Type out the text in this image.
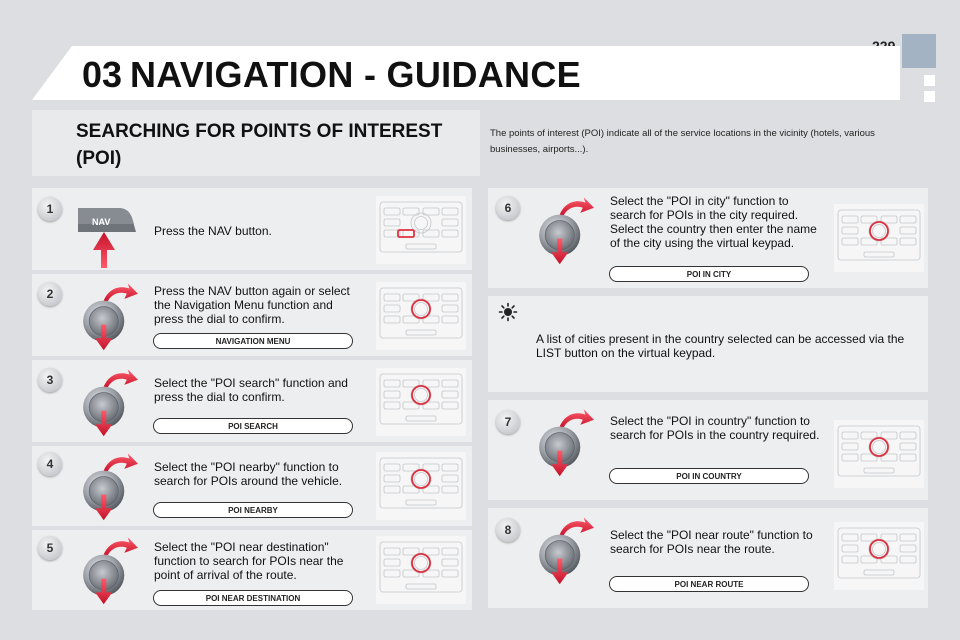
03 NAVIGATION - GUIDANCE
SEARCHING FOR POINTS OF INTEREST (POI)
The points of interest (POI) indicate all of the service locations in the vicinity (hotels, various businesses, airports...).
1
NAV
Press the NAV button.
2	Press the NAV button again or select the Navigation Menu function and press the dial to confirm.
NAVIGATION MENU
3	Select the "POI search" function and press the dial to confirm.
POI SEARCH
4	Select the "POI nearby" function to search for POIs around the vehicle.
POI NEARBY
5	Select the "POI near destination" function to search for POIs near the point of arrival of the route.
POI NEAR DESTINATION
6	Select the "POI in city" function to search for POIs in the city required. Select the country then enter the name of the city using the virtual keypad.
POI IN CITY
A list of cities present in the country selected can be accessed via the LIST button on the virtual keypad.
7	Select the "POI in country" function to search for POIs in the country required.
POI IN COUNTRY
8	Select the "POI near route" function to search for POIs near the route.
POI NEAR ROUTE
